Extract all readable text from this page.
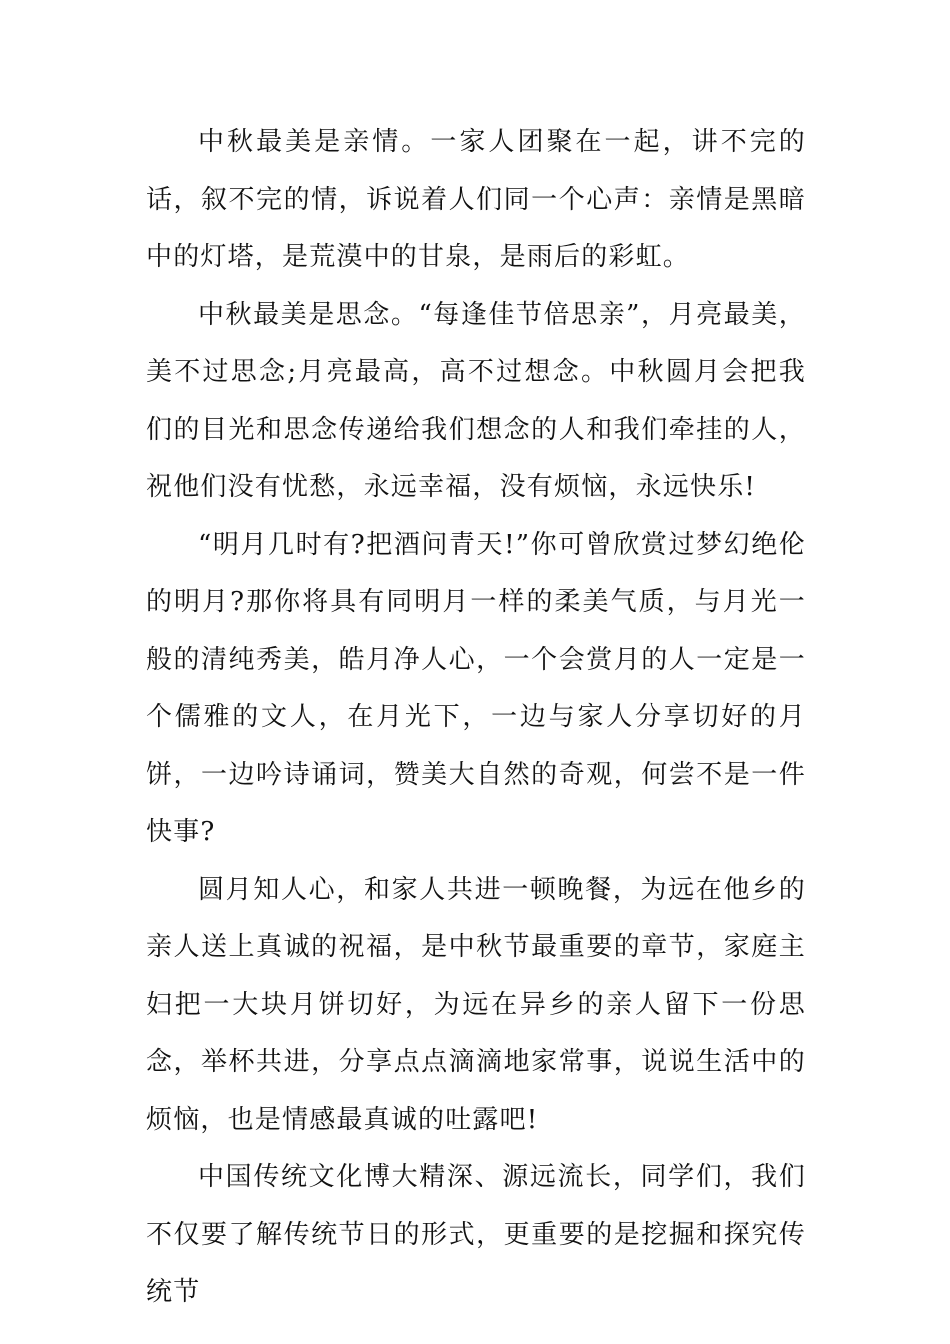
中秋最美是亲情。一家人团聚在一起，讲不完的话，叙不完的情，诉说着人们同一个心声：亲情是黑暗中的灯塔，是荒漠中的甘泉，是雨后的彩虹。

中秋最美是思念。“每逢佳节倍思亲”，月亮最美，美不过思念;月亮最高，高不过想念。中秋圆月会把我们的目光和思念传递给我们想念的人和我们牵挂的人，祝他们没有忧愁，永远幸福，没有烦恼，永远快乐!

“明月几时有?把酒问青天!”你可曾欣赏过梦幻绝伦的明月?那你将具有同明月一样的柔美气质，与月光一般的清纯秀美，皓月净人心，一个会赏月的人一定是一个儒雅的文人，在月光下，一边与家人分享切好的月饼，一边吟诗诵词，赞美大自然的奇观，何尝不是一件快事?

圆月知人心，和家人共进一顿晚餐，为远在他乡的亲人送上真诚的祝福，是中秋节最重要的章节，家庭主妇把一大块月饼切好，为远在异乡的亲人留下一份思念，举杯共进，分享点点滴滴地家常事，说说生活中的烦恼，也是情感最真诚的吐露吧!

中国传统文化博大精深、源远流长，同学们，我们不仅要了解传统节日的形式，更重要的是挖掘和探究传统节
